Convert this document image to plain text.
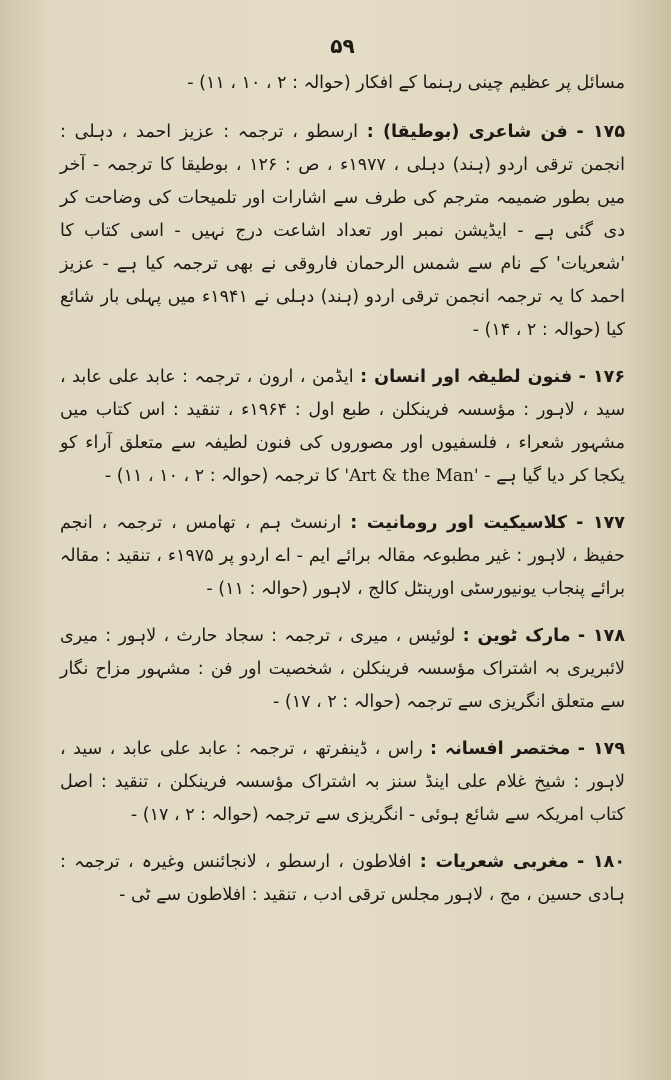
۵۹

مسائل پر عظیم چینی رہنما کے افکار (حوالہ : ۲ ، ۱۰ ، ۱۱) -

۱۷۵ - فن شاعری (بوطیقا) : ارسطو ، ترجمہ : عزیز احمد ، دہلی : انجمن ترقی اردو (ہند) دہلی ، ۱۹۷۷ء ، ص : ۱۲۶ ، بوطیقا کا ترجمہ - آخر میں بطور ضمیمہ مترجم کی طرف سے اشارات اور تلمیحات کی وضاحت کر دی گئی ہے - ایڈیشن نمبر اور تعداد اشاعت درج نہیں - اسی کتاب کا 'شعریات' کے نام سے شمس الرحمان فاروقی نے بھی ترجمہ کیا ہے - عزیز احمد کا یہ ترجمہ انجمن ترقی اردو (ہند) دہلی نے ۱۹۴۱ء میں پہلی بار شائع کیا (حوالہ : ۲ ، ۱۴) -

۱۷۶ - فنون لطیفہ اور انسان : ایڈمن ، ارون ، ترجمہ : عابد علی عابد ، سید ، لاہور : مؤسسہ فرینکلن ، طبع اول : ۱۹۶۴ء ، تنقید : اس کتاب میں مشہور شعراء ، فلسفیوں اور مصوروں کی فنون لطیفہ سے متعلق آراء کو یکجا کر دیا گیا ہے - 'Art & the Man' کا ترجمہ (حوالہ : ۲ ، ۱۰ ، ۱۱) -

۱۷۷ - کلاسیکیت اور رومانیت : ارنسٹ ہم ، تھامس ، ترجمہ ، انجم حفیظ ، لاہور : غیر مطبوعہ مقالہ برائے ایم - اے اردو پر ۱۹۷۵ء ، تنقید : مقالہ برائے پنجاب یونیورسٹی اورینٹل کالج ، لاہور (حوالہ : ۱۱) -

۱۷۸ - مارک ٹوین : لوئیس ، میری ، ترجمہ : سجاد حارث ، لاہور : میری لائبریری بہ اشتراک مؤسسہ فرینکلن ، شخصیت اور فن : مشہور مزاح نگار سے متعلق انگریزی سے ترجمہ (حوالہ : ۲ ، ۱۷) -

۱۷۹ - مختصر افسانہ : راس ، ڈینفرتھ ، ترجمہ : عابد علی عابد ، سید ، لاہور : شیخ غلام علی اینڈ سنز بہ اشتراک مؤسسہ فرینکلن ، تنقید : اصل کتاب امریکہ سے شائع ہوئی - انگریزی سے ترجمہ (حوالہ : ۲ ، ۱۷) -

۱۸۰ - مغربی شعریات : افلاطون ، ارسطو ، لانجائنس وغیرہ ، ترجمہ : ہادی حسین ، مج ، لاہور مجلس ترقی ادب ، تنقید : افلاطون سے ٹی -
